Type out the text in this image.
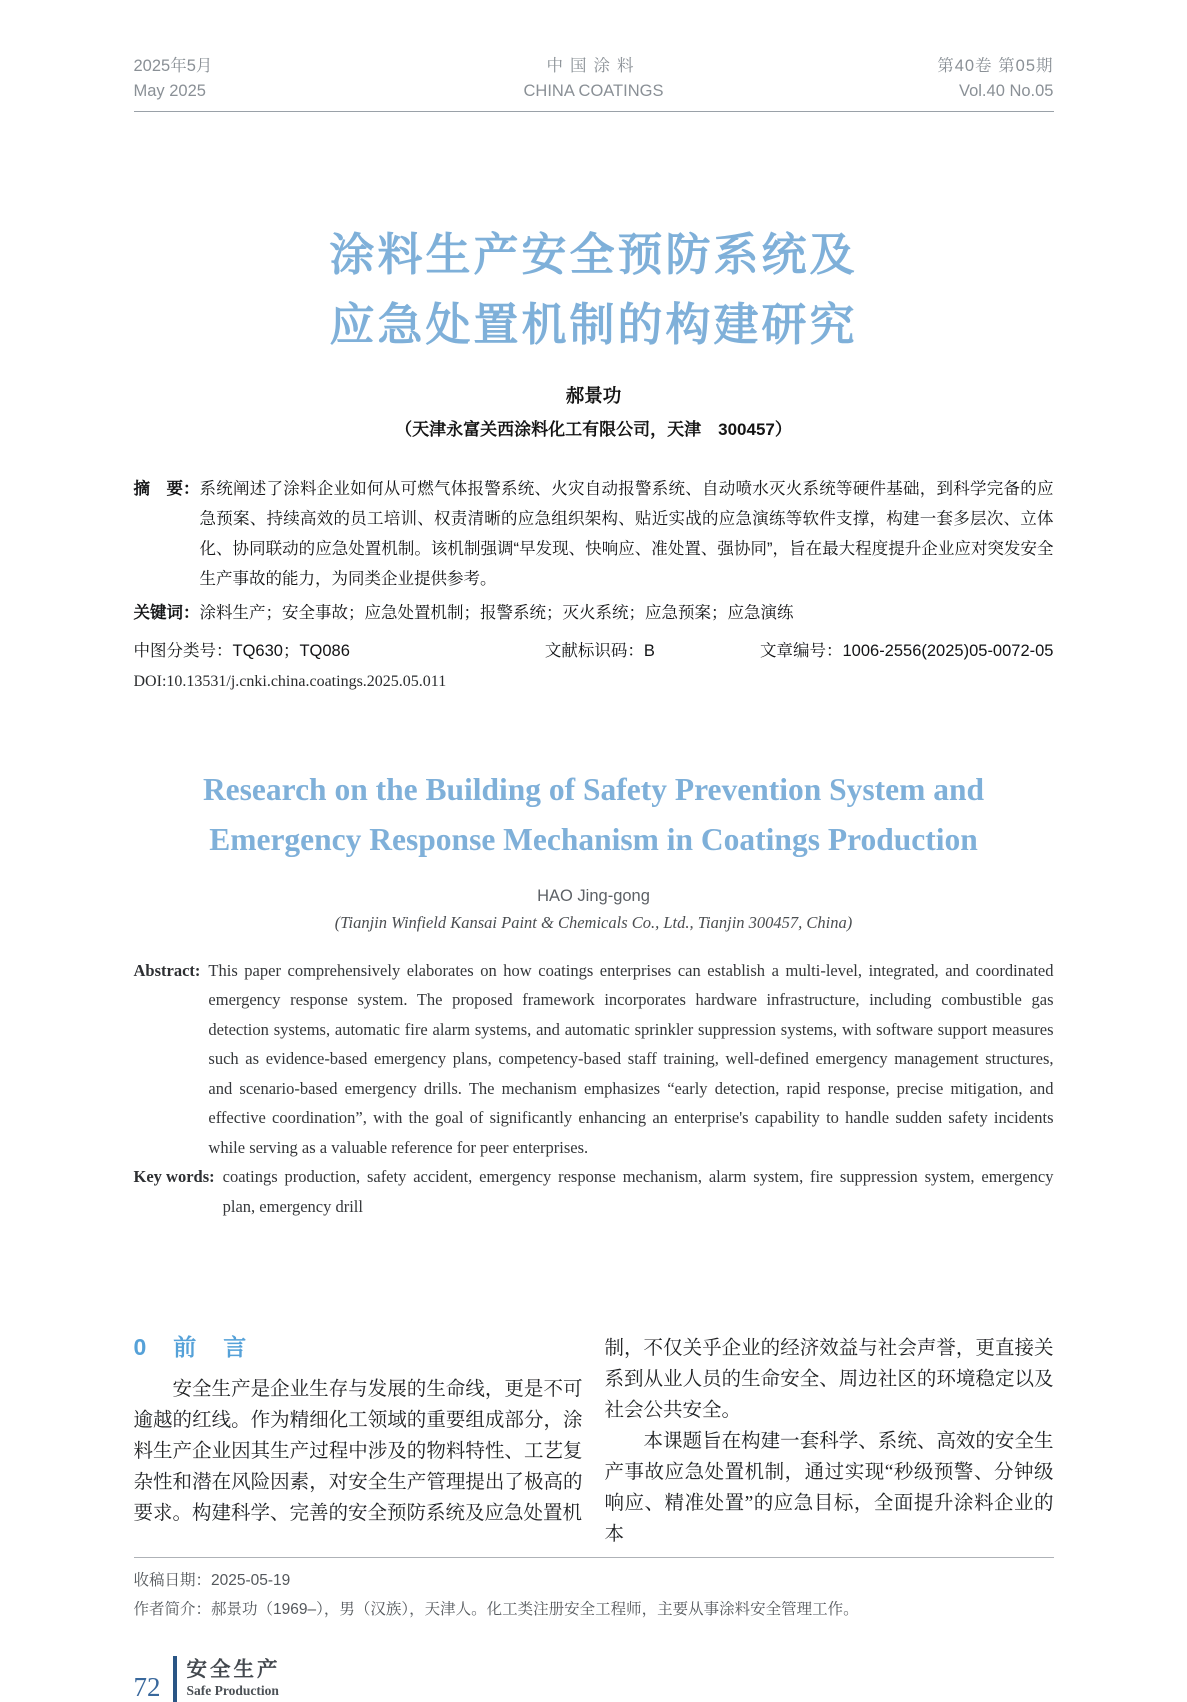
2025年5月
May 2025
中国涂料
CHINA COATINGS
第40卷 第05期
Vol.40 No.05
涂料生产安全预防系统及
应急处置机制的构建研究
郝景功
（天津永富关西涂料化工有限公司，天津　300457）
摘　要： 系统阐述了涂料企业如何从可燃气体报警系统、火灾自动报警系统、自动喷水灭火系统等硬件基础，到科学完备的应急预案、持续高效的员工培训、权责清晰的应急组织架构、贴近实战的应急演练等软件支撑，构建一套多层次、立体化、协同联动的应急处置机制。该机制强调“早发现、快响应、准处置、强协同”，旨在最大程度提升企业应对突发安全生产事故的能力，为同类企业提供参考。
关键词：涂料生产；安全事故；应急处置机制；报警系统；灭火系统；应急预案；应急演练
中图分类号：TQ630；TQ086	文献标识码：B	文章编号：1006-2556(2025)05-0072-05
DOI:10.13531/j.cnki.china.coatings.2025.05.011
Research on the Building of Safety Prevention System and
Emergency Response Mechanism in Coatings Production
HAO Jing-gong
(Tianjin Winfield Kansai Paint & Chemicals Co., Ltd., Tianjin 300457, China)
Abstract: This paper comprehensively elaborates on how coatings enterprises can establish a multi-level, integrated, and coordinated emergency response system. The proposed framework incorporates hardware infrastructure, including combustible gas detection systems, automatic fire alarm systems, and automatic sprinkler suppression systems, with software support measures such as evidence-based emergency plans, competency-based staff training, well-defined emergency management structures, and scenario-based emergency drills. The mechanism emphasizes “early detection, rapid response, precise mitigation, and effective coordination”, with the goal of significantly enhancing an enterprise's capability to handle sudden safety incidents while serving as a valuable reference for peer enterprises.
Key words: coatings production, safety accident, emergency response mechanism, alarm system, fire suppression system, emergency plan, emergency drill
0　前　言
安全生产是企业生存与发展的生命线，更是不可逾越的红线。作为精细化工领域的重要组成部分，涂料生产企业因其生产过程中涉及的物料特性、工艺复杂性和潜在风险因素，对安全生产管理提出了极高的要求。构建科学、完善的安全预防系统及应急处置机
制，不仅关乎企业的经济效益与社会声誉，更直接关系到从业人员的生命安全、周边社区的环境稳定以及社会公共安全。
本课题旨在构建一套科学、系统、高效的安全生产事故应急处置机制，通过实现“秒级预警、分钟级响应、精准处置”的应急目标，全面提升涂料企业的本
收稿日期：2025-05-19
作者简介：郝景功（1969–），男（汉族），天津人。化工类注册安全工程师，主要从事涂料安全管理工作。
72
安全生产
Safe Production
